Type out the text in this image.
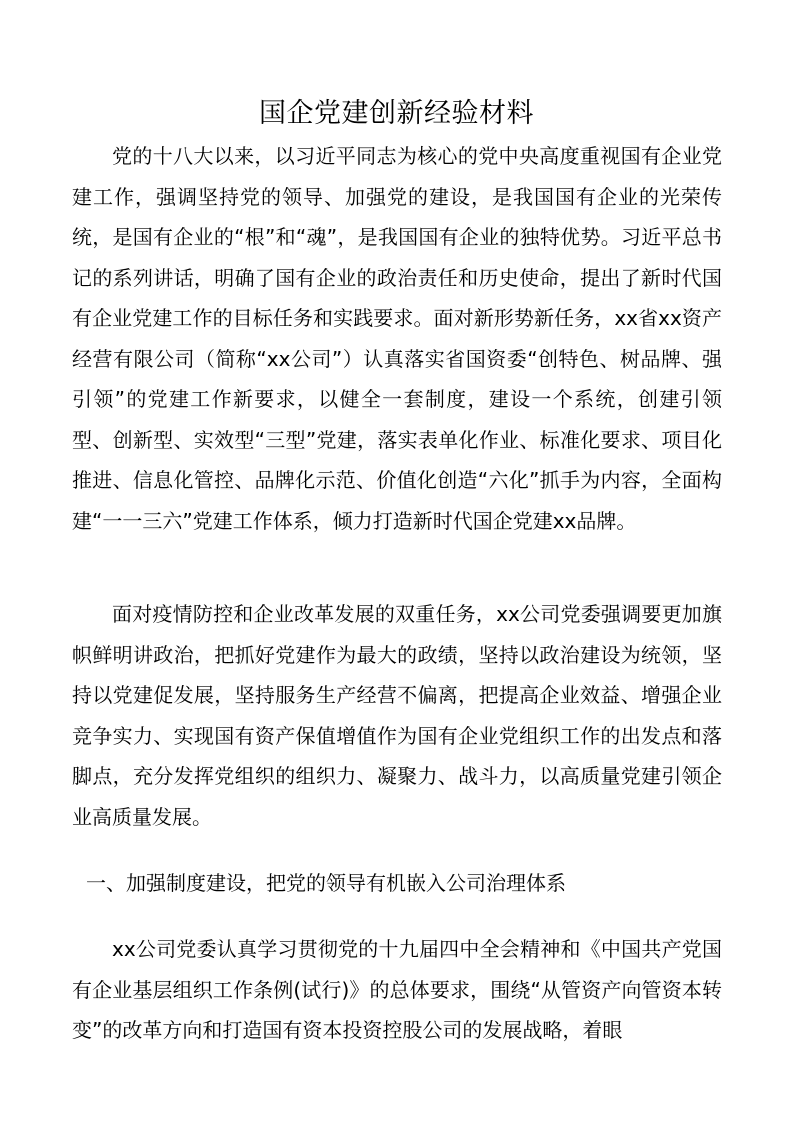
国企党建创新经验材料

党的十八大以来，以习近平同志为核心的党中央高度重视国有企业党建工作，强调坚持党的领导、加强党的建设，是我国国有企业的光荣传统，是国有企业的“根”和“魂”，是我国国有企业的独特优势。习近平总书记的系列讲话，明确了国有企业的政治责任和历史使命，提出了新时代国有企业党建工作的目标任务和实践要求。面对新形势新任务，xx省xx资产经营有限公司（简称“xx公司”）认真落实省国资委“创特色、树品牌、强引领”的党建工作新要求，以健全一套制度，建设一个系统，创建引领型、创新型、实效型“三型”党建，落实表单化作业、标准化要求、项目化推进、信息化管控、品牌化示范、价值化创造“六化”抓手为内容，全面构建“一一三六”党建工作体系，倾力打造新时代国企党建xx品牌。

面对疫情防控和企业改革发展的双重任务，xx公司党委强调要更加旗帜鲜明讲政治，把抓好党建作为最大的政绩，坚持以政治建设为统领，坚持以党建促发展，坚持服务生产经营不偏离，把提高企业效益、增强企业竞争实力、实现国有资产保值增值作为国有企业党组织工作的出发点和落脚点，充分发挥党组织的组织力、凝聚力、战斗力，以高质量党建引领企业高质量发展。

一、加强制度建设，把党的领导有机嵌入公司治理体系

xx公司党委认真学习贯彻党的十九届四中全会精神和《中国共产党国有企业基层组织工作条例(试行)》的总体要求，围绕“从管资产向管资本转变”的改革方向和打造国有资本投资控股公司的发展战略，着眼
